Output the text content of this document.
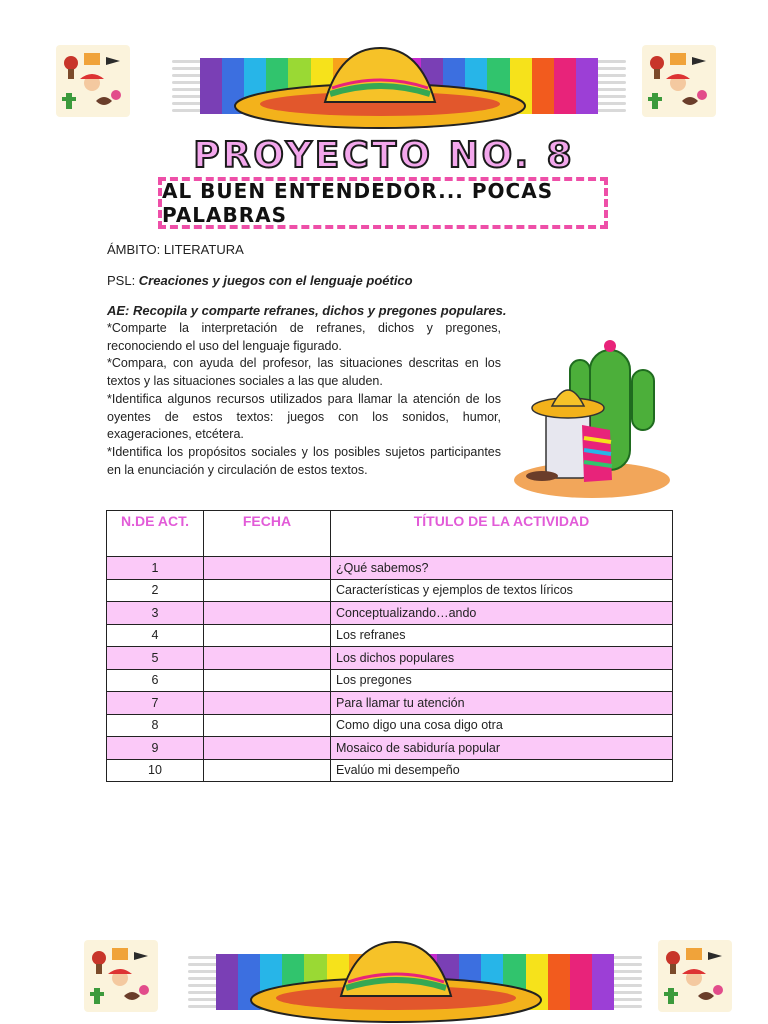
PROYECTO NO. 8
AL BUEN ENTENDEDOR... POCAS PALABRAS
ÁMBITO: LITERATURA
PSL: Creaciones y juegos con el lenguaje poético
AE: Recopila y comparte refranes, dichos y pregones populares.

*Comparte la interpretación de refranes, dichos y pregones, reconociendo el uso del lenguaje figurado.

*Compara, con ayuda del profesor, las situaciones descritas en los textos y las situaciones sociales a las que aluden.

*Identifica algunos recursos utilizados para llamar la atención de los oyentes de estos textos: juegos con los sonidos, humor, exageraciones, etcétera.

*Identifica los propósitos sociales y los posibles sujetos participantes en la enunciación y circulación de estos textos.

N.DE ACT.	FECHA	TÍTULO DE LA ACTIVIDAD
1		¿Qué sabemos?
2		Características y ejemplos de textos líricos
3		Conceptualizando…ando
4		Los refranes
5		Los dichos populares
6		Los pregones
7		Para llamar tu atención
8		Como digo una cosa digo otra
9		Mosaico de sabiduría popular
10		Evalúo mi desempeño
